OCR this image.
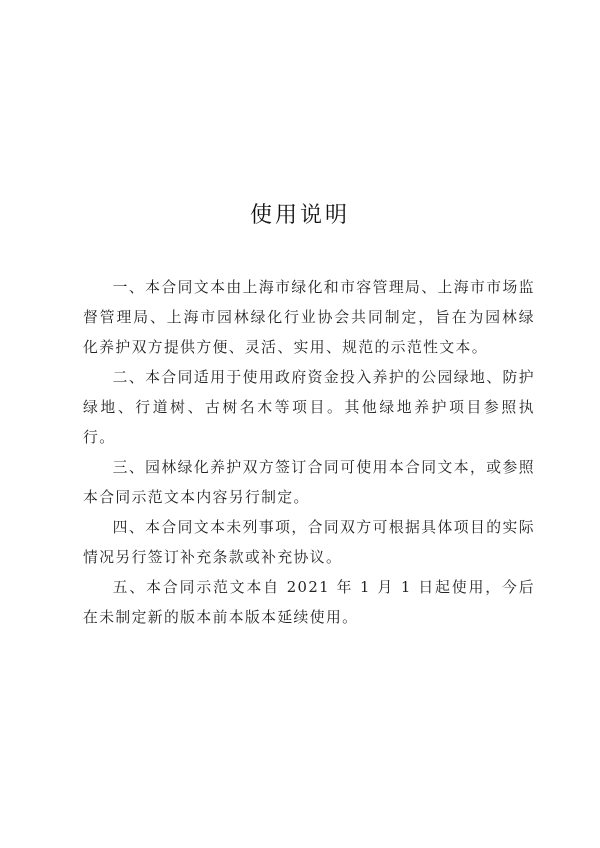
使用说明

一、本合同文本由上海市绿化和市容管理局、上海市市场监督管理局、上海市园林绿化行业协会共同制定，旨在为园林绿化养护双方提供方便、灵活、实用、规范的示范性文本。

二、本合同适用于使用政府资金投入养护的公园绿地、防护绿地、行道树、古树名木等项目。其他绿地养护项目参照执行。

三、园林绿化养护双方签订合同可使用本合同文本，或参照本合同示范文本内容另行制定。

四、本合同文本未列事项，合同双方可根据具体项目的实际情况另行签订补充条款或补充协议。

五、本合同示范文本自 2021 年 1 月 1 日起使用，今后在未制定新的版本前本版本延续使用。
